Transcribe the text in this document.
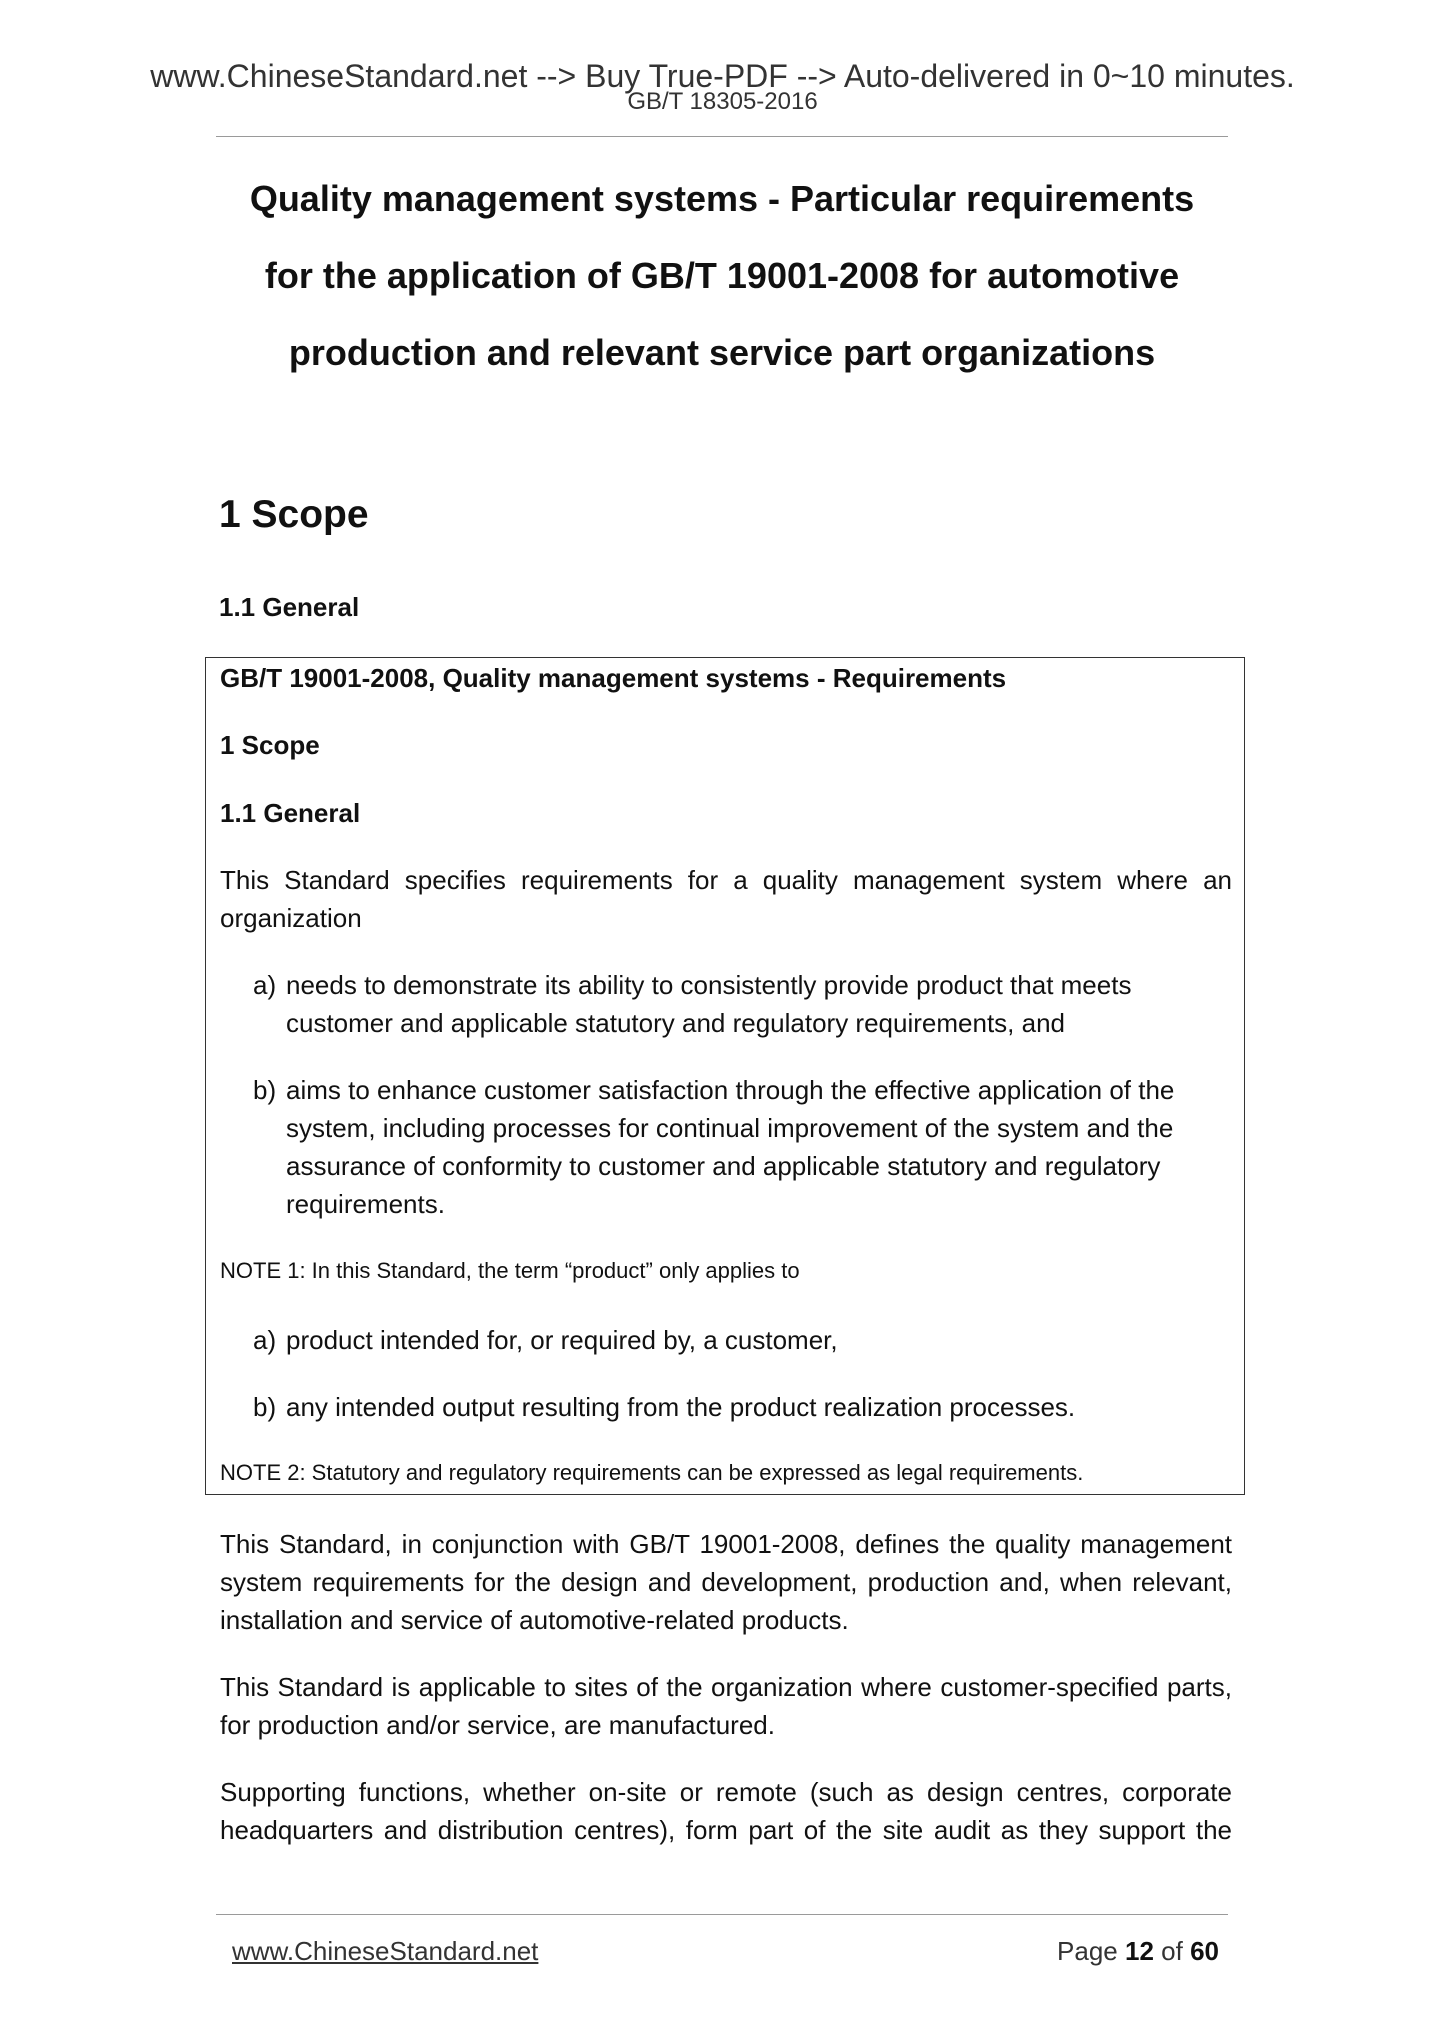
www.ChineseStandard.net --> Buy True-PDF --> Auto-delivered in 0~10 minutes.
GB/T 18305-2016
Quality management systems - Particular requirements
for the application of GB/T 19001-2008 for automotive
production and relevant service part organizations
1 Scope
1.1 General
GB/T 19001-2008, Quality management systems - Requirements
1 Scope
1.1 General
This Standard specifies requirements for a quality management system where an
organization
a) needs to demonstrate its ability to consistently provide product that meets
customer and applicable statutory and regulatory requirements, and
b) aims to enhance customer satisfaction through the effective application of the
system, including processes for continual improvement of the system and the
assurance of conformity to customer and applicable statutory and regulatory
requirements.
NOTE 1: In this Standard, the term “product” only applies to
a) product intended for, or required by, a customer,
b) any intended output resulting from the product realization processes.
NOTE 2: Statutory and regulatory requirements can be expressed as legal requirements.
This Standard, in conjunction with GB/T 19001-2008, defines the quality management
system requirements for the design and development, production and, when relevant,
installation and service of automotive-related products.
This Standard is applicable to sites of the organization where customer-specified parts,
for production and/or service, are manufactured.
Supporting functions, whether on-site or remote (such as design centres, corporate
headquarters and distribution centres), form part of the site audit as they support the
www.ChineseStandard.net	Page 12 of 60
